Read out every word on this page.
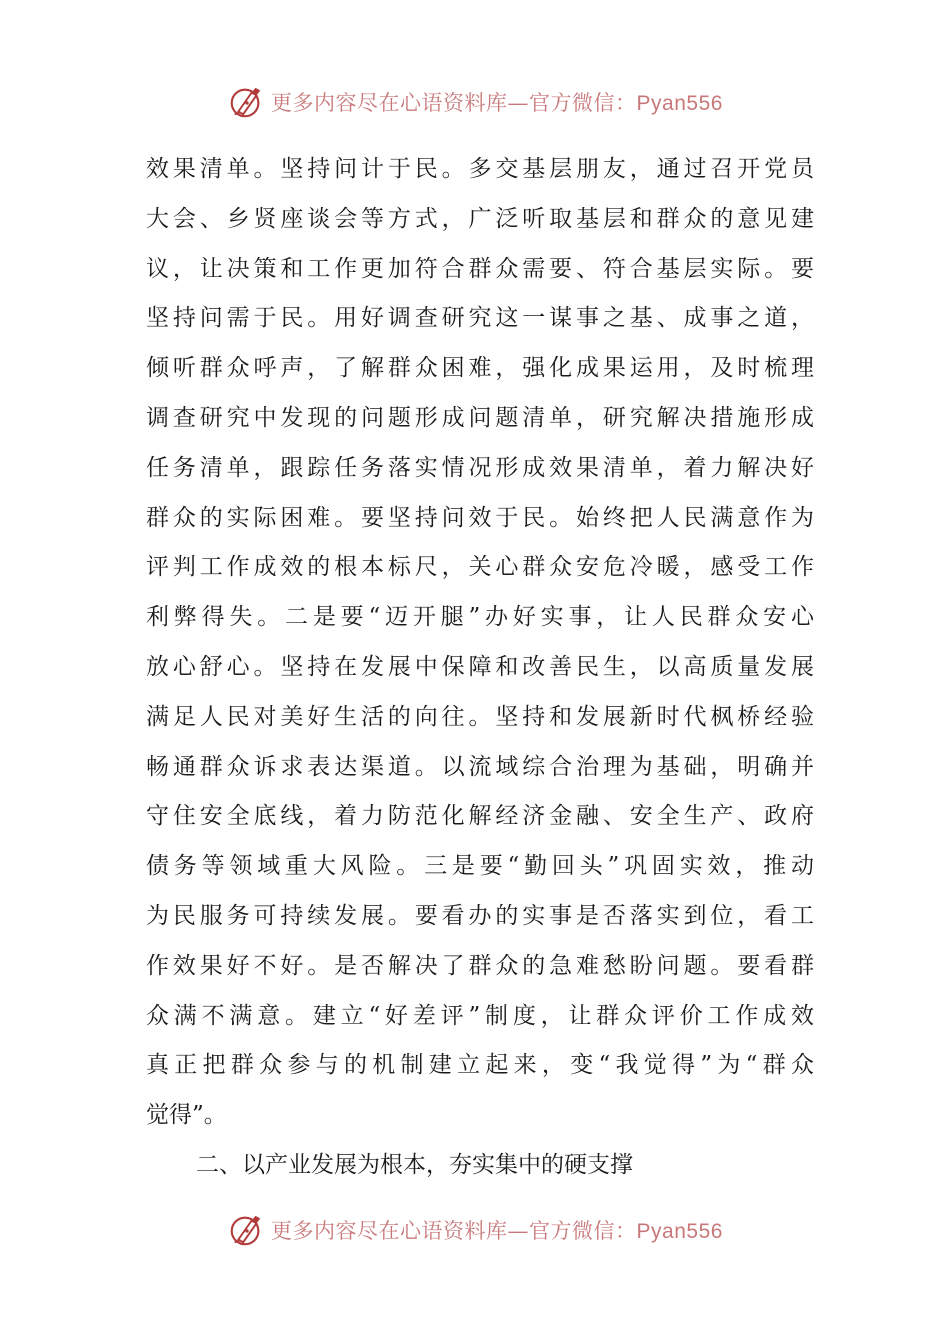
更多内容尽在心语资料库—官方微信：Pyan556
效果清单。坚持问计于民。多交基层朋友，通过召开党员
大会、乡贤座谈会等方式，广泛听取基层和群众的意见建
议，让决策和工作更加符合群众需要、符合基层实际。要
坚持问需于民。用好调查研究这一谋事之基、成事之道，
倾听群众呼声，了解群众困难，强化成果运用，及时梳理
调查研究中发现的问题形成问题清单，研究解决措施形成
任务清单，跟踪任务落实情况形成效果清单，着力解决好
群众的实际困难。要坚持问效于民。始终把人民满意作为
评判工作成效的根本标尺，关心群众安危冷暖，感受工作
利弊得失。二是要“迈开腿”办好实事，让人民群众安心
放心舒心。坚持在发展中保障和改善民生，以高质量发展
满足人民对美好生活的向往。坚持和发展新时代枫桥经验
畅通群众诉求表达渠道。以流域综合治理为基础，明确并
守住安全底线，着力防范化解经济金融、安全生产、政府
债务等领域重大风险。三是要“勤回头”巩固实效，推动
为民服务可持续发展。要看办的实事是否落实到位，看工
作效果好不好。是否解决了群众的急难愁盼问题。要看群
众满不满意。建立“好差评”制度，让群众评价工作成效
真正把群众参与的机制建立起来，变“我觉得”为“群众
觉得”。
二、以产业发展为根本，夯实集中的硬支撑
更多内容尽在心语资料库—官方微信：Pyan556
